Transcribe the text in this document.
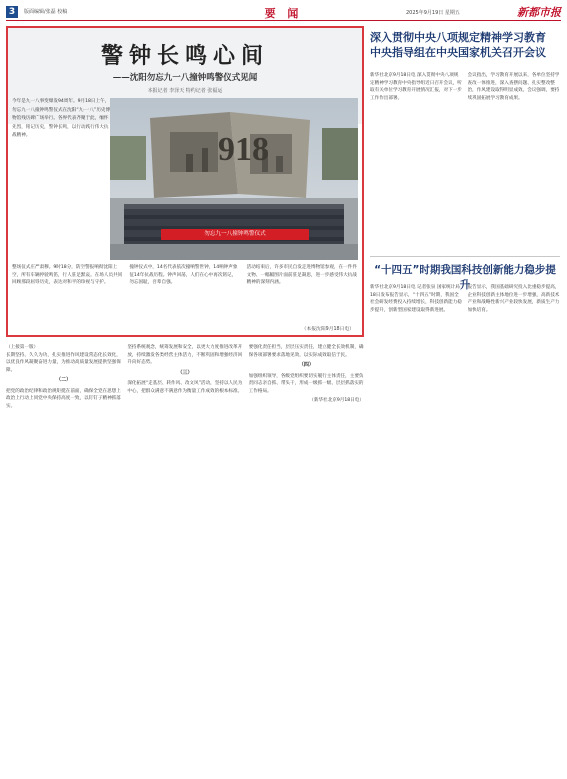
3	版面编辑/张磊 校稿	要 闻	2025年9月19日 星期五	新都市报
警钟长鸣心间
——沈阳勿忘九一八撞钟鸣警仪式见闻
本报记者 李泽天 特约记者 张福运
今年是九一八事变爆发94周年。9月18日上午，勿忘九一八撞钟鸣警仪式在沈阳“九·一八”历史博物馆残历碑广场举行。各界代表齐聚于此，缅怀先烈，铭记历史，警钟长鸣，以行动践行伟大抗战精神。	918
勿忘九一八撞钟鸣警仪式
整场仪式庄严肃穆。9时18分，防空警报响彻沈阳上空，所有车辆停驶鸣笛，行人驻足默哀。在场人员共同回顾那段屈辱历史，表达对和平的珍视与守护。
撞钟仪式中，14名代表依次撞响警世钟，14响钟声象征14年抗战历程。钟声回荡，人们在心中再次铭记，勿忘国耻，吾辈自强。
活动结束后，许多市民自发走进博物馆参观，在一件件文物、一幅幅图片面前驻足凝思，进一步感受伟大抗战精神的深刻内涵。
（本报沈阳9月18日电）
（上接第一版）
长期坚持、久久为功，扎实推进作风建设常态化长效化，以优良作风凝聚奋进力量，为推动高质量发展提供坚强保障。
（二）
把党的政治纪律和政治规矩挺在前面，确保全党在思想上政治上行动上同党中央保持高度一致，以钉钉子精神抓落实。
坚持系统观念，统筹发展和安全，以更大力度推进改革开放，持续激发各类经营主体活力，不断巩固和增强经济回升向好态势。
（三）
深化拓展“走基层、转作风、改文风”活动，坚持以人民为中心，把群众满意不满意作为衡量工作成效的根本标准。
要强化责任担当，层层压实责任，建立健全长效机制，确保各项部署要求落地见效，以实际成效取信于民。
（四）
加强组织领导，各级党组织要切实履行主体责任，主要负责同志亲自抓、带头干，形成一级抓一级、层层抓落实的工作格局。
（新华社北京9月18日电）
深入贯彻中央八项规定精神学习教育 中央指导组在中央国家机关召开会议
新华社北京9月18日电 深入贯彻中央八项规定精神学习教育中央指导组近日召开会议，听取有关单位学习教育开展情况汇报，对下一步工作作出部署。
会议指出，学习教育开展以来，各单位坚持学查改一体推进，深入查摆问题、扎实整改整治，作风建设取得明显成效。会议强调，要持续巩固拓展学习教育成果。
“十四五”时期我国科技创新能力稳步提升
新华社北京9月18日电 记者张泉 国家统计局18日发布报告显示，“十四五”时期，我国全社会研发经费投入持续增长，科技创新能力稳步提升，创新型国家建设取得新进展。
报告显示，我国基础研究投入比重稳步提高，企业科技创新主体地位进一步增强，高新技术产业和战略性新兴产业较快发展，新质生产力加快培育。
